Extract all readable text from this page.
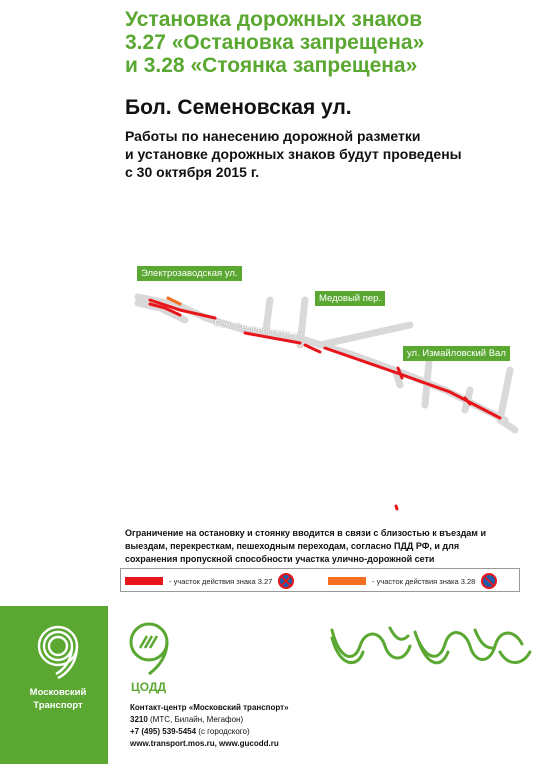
Установка дорожных знаков
3.27 «Остановка запрещена»
и 3.28 «Стоянка запрещена»
Бол. Семеновская ул.
Работы по нанесению дорожной разметки
и установке дорожных знаков будут проведены
с 30 октября 2015 г.
Электрозаводская ул.
Медовый пер.
ул. Измайловский Вал
Бол. Семеновская ул.
Ограничение на остановку и стоянку вводится в связи с близостью к въездам и
выездам, перекресткам, пешеходным переходам, согласно ПДД РФ, и для
сохранения пропускной способности участка улично-дорожной сети
- участок действия знака 3.27	- участок действия знака 3.28
Московский
Транспорт
ЦОДД
Контакт-центр «Московский транспорт»
3210 (МТС, Билайн, Мегафон)
+7 (495) 539-5454 (с городского)
www.transport.mos.ru, www.gucodd.ru
